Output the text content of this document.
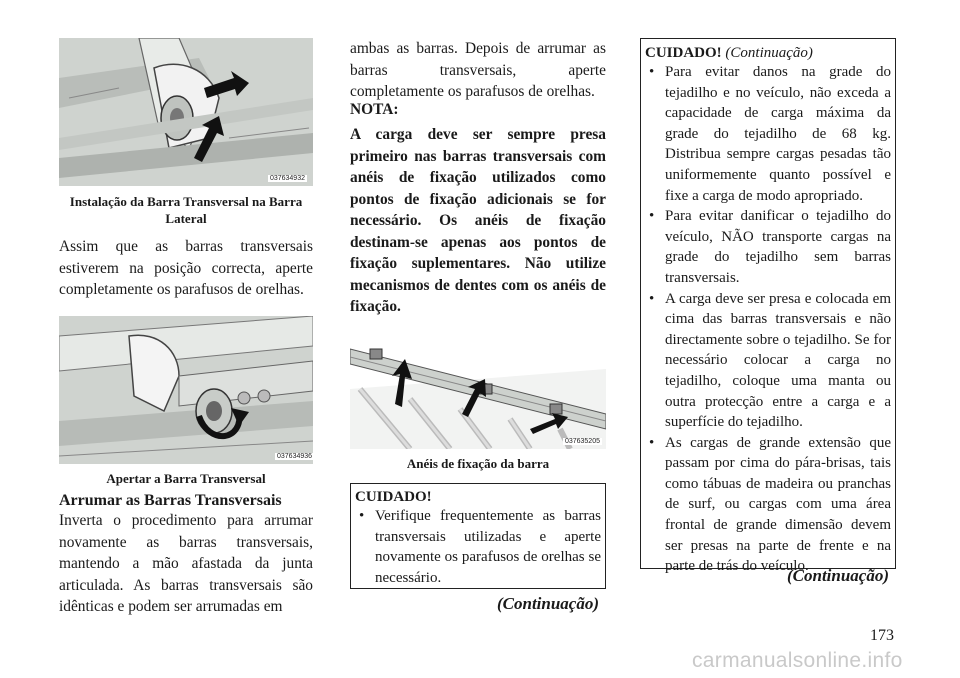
037634932
Instalação da Barra Transversal na Barra Lateral

Assim que as barras transversais estiverem na posição correcta, aperte completamente os parafusos de orelhas.

037634936
Apertar a Barra Transversal
Arrumar as Barras Transversais

Inverta o procedimento para arrumar novamente as barras transversais, mantendo a mão afastada da junta articulada. As barras transversais são idênticas e podem ser arrumadas em

ambas as barras. Depois de arrumar as barras transversais, aperte completamente os parafusos de orelhas.

NOTA:

A carga deve ser sempre presa primeiro nas barras transversais com anéis de fixação utilizados como pontos de fixação adicionais se for necessário. Os anéis de fixação destinam-se apenas aos pontos de fixação suplementares. Não utilize mecanismos de dentes com os anéis de fixação.

037635205
Anéis de fixação da barra
CUIDADO!
• Verifique frequentemente as barras transversais utilizadas e aperte novamente os parafusos de orelhas se necessário.
(Continuação)
CUIDADO! (Continuação)
• Para evitar danos na grade do tejadilho e no veículo, não exceda a capacidade de carga máxima da grade do tejadilho de 68 kg. Distribua sempre cargas pesadas tão uniformemente quanto possível e fixe a carga de modo apropriado.
• Para evitar danificar o tejadilho do veículo, NÃO transporte cargas na grade do tejadilho sem barras transversais.
• A carga deve ser presa e colocada em cima das barras transversais e não directamente sobre o tejadilho. Se for necessário colocar a carga no tejadilho, coloque uma manta ou outra protecção entre a carga e a superfície do tejadilho.
• As cargas de grande extensão que passam por cima do pára-brisas, tais como tábuas de madeira ou pranchas de surf, ou cargas com uma área frontal de grande dimensão devem ser presas na parte de frente e na parte de trás do veículo.
(Continuação)
173
carmanualsonline.info
